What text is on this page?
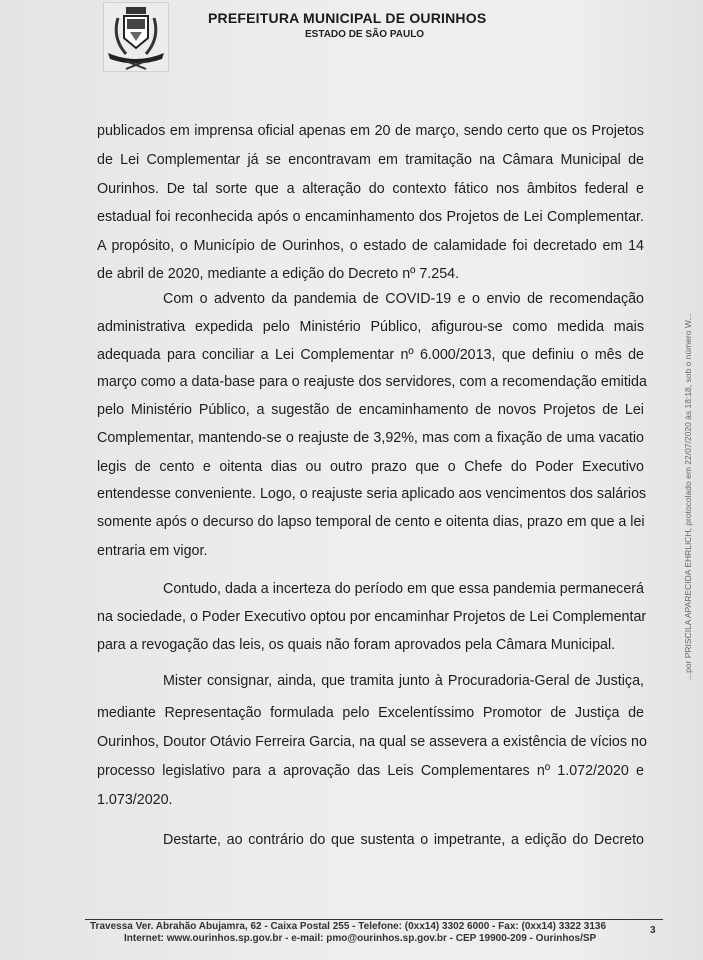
PREFEITURA MUNICIPAL DE OURINHOS
ESTADO DE SÃO PAULO
publicados em imprensa oficial apenas em 20 de março, sendo certo que os Projetos
de Lei Complementar já se encontravam em tramitação na Câmara Municipal de
Ourinhos. De tal sorte que a alteração do contexto fático nos âmbitos federal e
estadual foi reconhecida após o encaminhamento dos Projetos de Lei Complementar.
A propósito, o Município de Ourinhos, o estado de calamidade foi decretado em 14
de abril de 2020, mediante a edição do Decreto nº 7.254.
Com o advento da pandemia de COVID-19 e o envio de recomendação
administrativa expedida pelo Ministério Público, afigurou-se como medida mais
adequada para conciliar a Lei Complementar nº 6.000/2013, que definiu o mês de
março como a data-base para o reajuste dos servidores, com a recomendação emitida
pelo Ministério Público, a sugestão de encaminhamento de novos Projetos de Lei
Complementar, mantendo-se o reajuste de 3,92%, mas com a fixação de uma vacatio
legis de cento e oitenta dias ou outro prazo que o Chefe do Poder Executivo
entendesse conveniente. Logo, o reajuste seria aplicado aos vencimentos dos salários
somente após o decurso do lapso temporal de cento e oitenta dias, prazo em que a lei
entraria em vigor.
Contudo, dada a incerteza do período em que essa pandemia permanecerá
na sociedade, o Poder Executivo optou por encaminhar Projetos de Lei Complementar
para a revogação das leis, os quais não foram aprovados pela Câmara Municipal.
Mister consignar, ainda, que tramita junto à Procuradoria-Geral de Justiça,
mediante Representação formulada pelo Excelentíssimo Promotor de Justiça de
Ourinhos, Doutor Otávio Ferreira Garcia, na qual se assevera a existência de vícios no
processo legislativo para a aprovação das Leis Complementares nº 1.072/2020 e
1.073/2020.
Destarte, ao contrário do que sustenta o impetrante, a edição do Decreto
...por PRISCILA APARECIDA EHRLICH, protocolado em 22/07/2020 às 18:18, sob o número W...
Travessa Ver. Abrahão Abujamra, 62 - Caixa Postal 255 - Telefone: (0xx14) 3302 6000 - Fax: (0xx14) 3322 3136
Internet: www.ourinhos.sp.gov.br - e-mail: pmo@ourinhos.sp.gov.br - CEP 19900-209 - Ourinhos/SP
3
